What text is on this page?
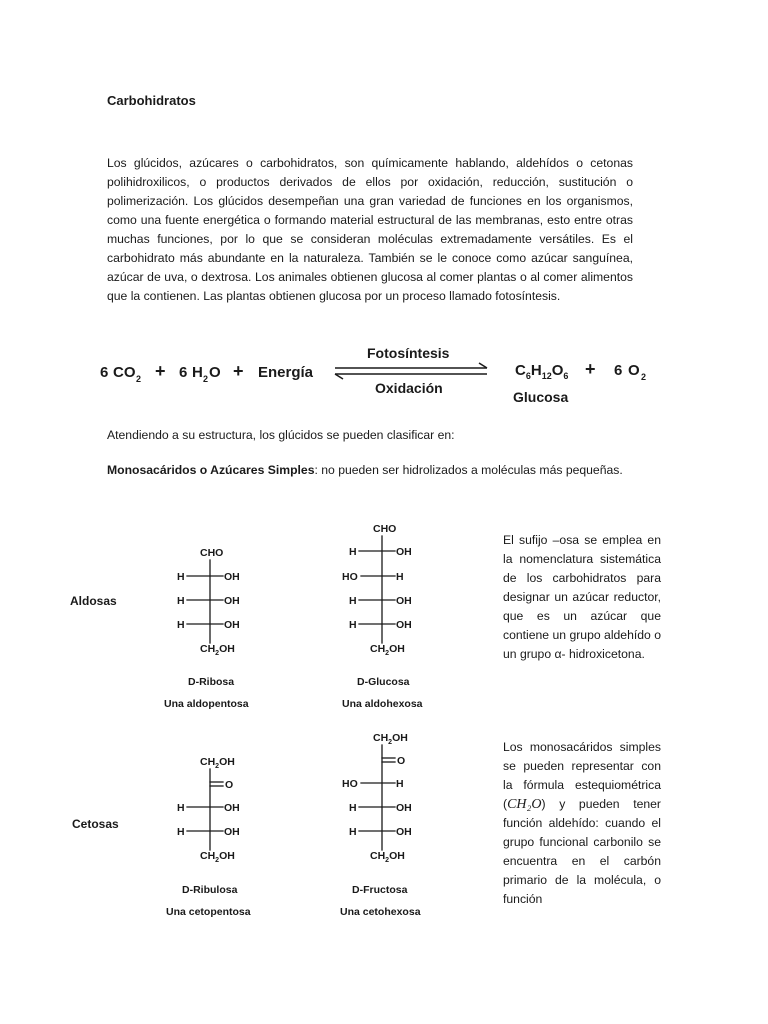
Carbohidratos
Los glúcidos, azúcares o carbohidratos, son químicamente hablando, aldehídos o cetonas polihidroxilicos, o productos derivados de ellos por oxidación, reducción, sustitución o polimerización. Los glúcidos desempeñan una gran variedad de funciones en los organismos, como una fuente energética o formando material estructural de las membranas, esto entre otras muchas funciones, por lo que se consideran moléculas extremadamente versátiles. Es el carbohidrato más abundante en la naturaleza. También se le conoce como azúcar sanguínea, azúcar de uva, o dextrosa. Los animales obtienen glucosa al comer plantas o al comer alimentos que la contienen. Las plantas obtienen glucosa por un proceso llamado fotosíntesis.
6 CO 2 + 6 H 2 O + Energía
Fotosíntesis
Oxidación
$C_6H_{12}O_6 + 6$ O 2
Glucosa
Atendiendo a su estructura, los glúcidos se pueden clasificar en:
Monosacáridos o Azúcares Simples: no pueden ser hidrolizados a moléculas más pequeñas.
Aldosas
Cetosas
CHO
H	OH
H	OH
H	OH
$CH_2OH$
D-Ribosa
Una aldopentosa
CHO
H	OH
HO	H
H	OH
H	OH
$CH_2OH$
D-Glucosa
Una aldohexosa
$CH_2OH$
O
H	OH
H	OH
$CH_2OH$
D-Ribulosa
Una cetopentosa
$CH_2OH$
O
HO	H
H	OH
H	OH
$CH_2OH$
D-Fructosa
Una cetohexosa
El sufijo –osa se emplea en la nomenclatura sistemática de los carbohidratos para designar un azúcar reductor, que es un azúcar que contiene un grupo aldehído o un grupo α- hidroxicetona.
Los monosacáridos simples se pueden representar con la fórmula estequiométrica (CH₂O) y pueden tener función aldehído: cuando el grupo funcional carbonilo se encuentra en el carbón primario de la molécula, o función
